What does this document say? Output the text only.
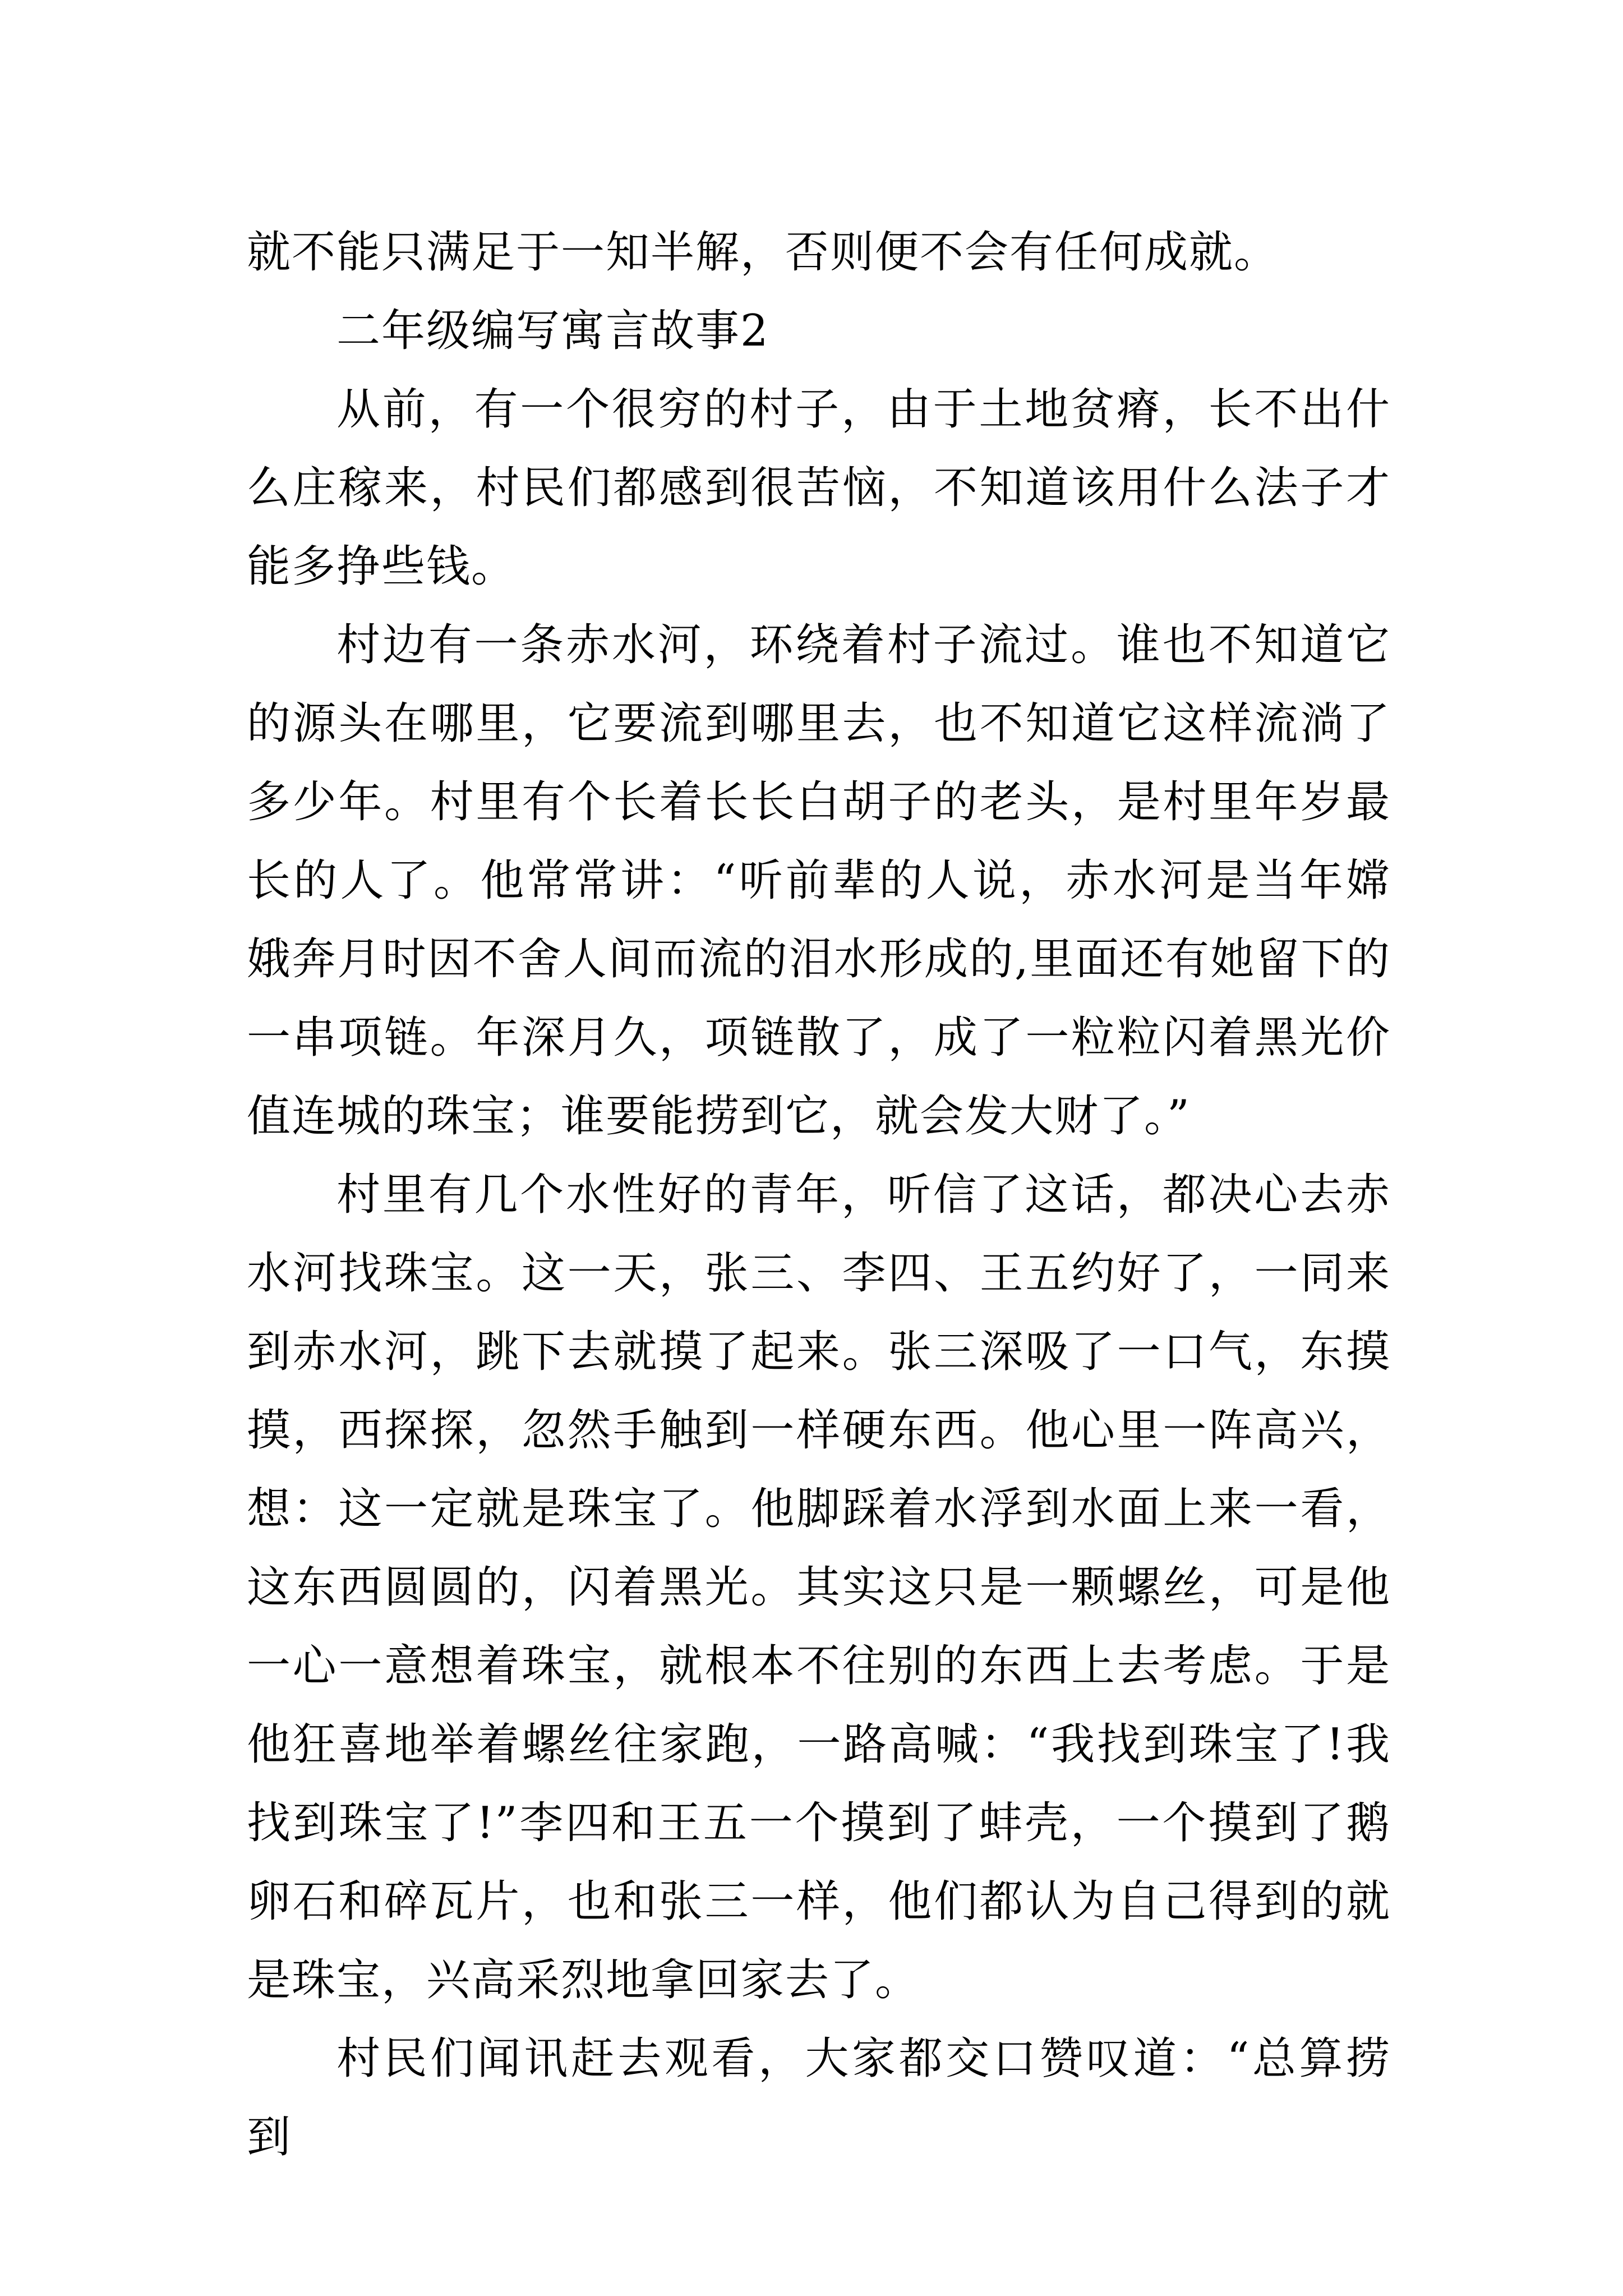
就不能只满足于一知半解，否则便不会有任何成就。

二年级编写寓言故事2

从前，有一个很穷的村子，由于土地贫瘠，长不出什么庄稼来，村民们都感到很苦恼，不知道该用什么法子才能多挣些钱。

村边有一条赤水河，环绕着村子流过。谁也不知道它的源头在哪里，它要流到哪里去，也不知道它这样流淌了多少年。村里有个长着长长白胡子的老头，是村里年岁最长的人了。他常常讲：“听前辈的人说，赤水河是当年嫦娥奔月时因不舍人间而流的泪水形成的,里面还有她留下的一串项链。年深月久，项链散了，成了一粒粒闪着黑光价值连城的珠宝；谁要能捞到它，就会发大财了。”

村里有几个水性好的青年，听信了这话，都决心去赤水河找珠宝。这一天，张三、李四、王五约好了，一同来到赤水河，跳下去就摸了起来。张三深吸了一口气，东摸摸，西探探，忽然手触到一样硬东西。他心里一阵高兴，想：这一定就是珠宝了。他脚踩着水浮到水面上来一看，这东西圆圆的，闪着黑光。其实这只是一颗螺丝，可是他一心一意想着珠宝，就根本不往别的东西上去考虑。于是他狂喜地举着螺丝往家跑，一路高喊：“我找到珠宝了!我找到珠宝了!”李四和王五一个摸到了蚌壳，一个摸到了鹅卵石和碎瓦片，也和张三一样，他们都认为自己得到的就是珠宝，兴高采烈地拿回家去了。

村民们闻讯赶去观看，大家都交口赞叹道：“总算捞到
